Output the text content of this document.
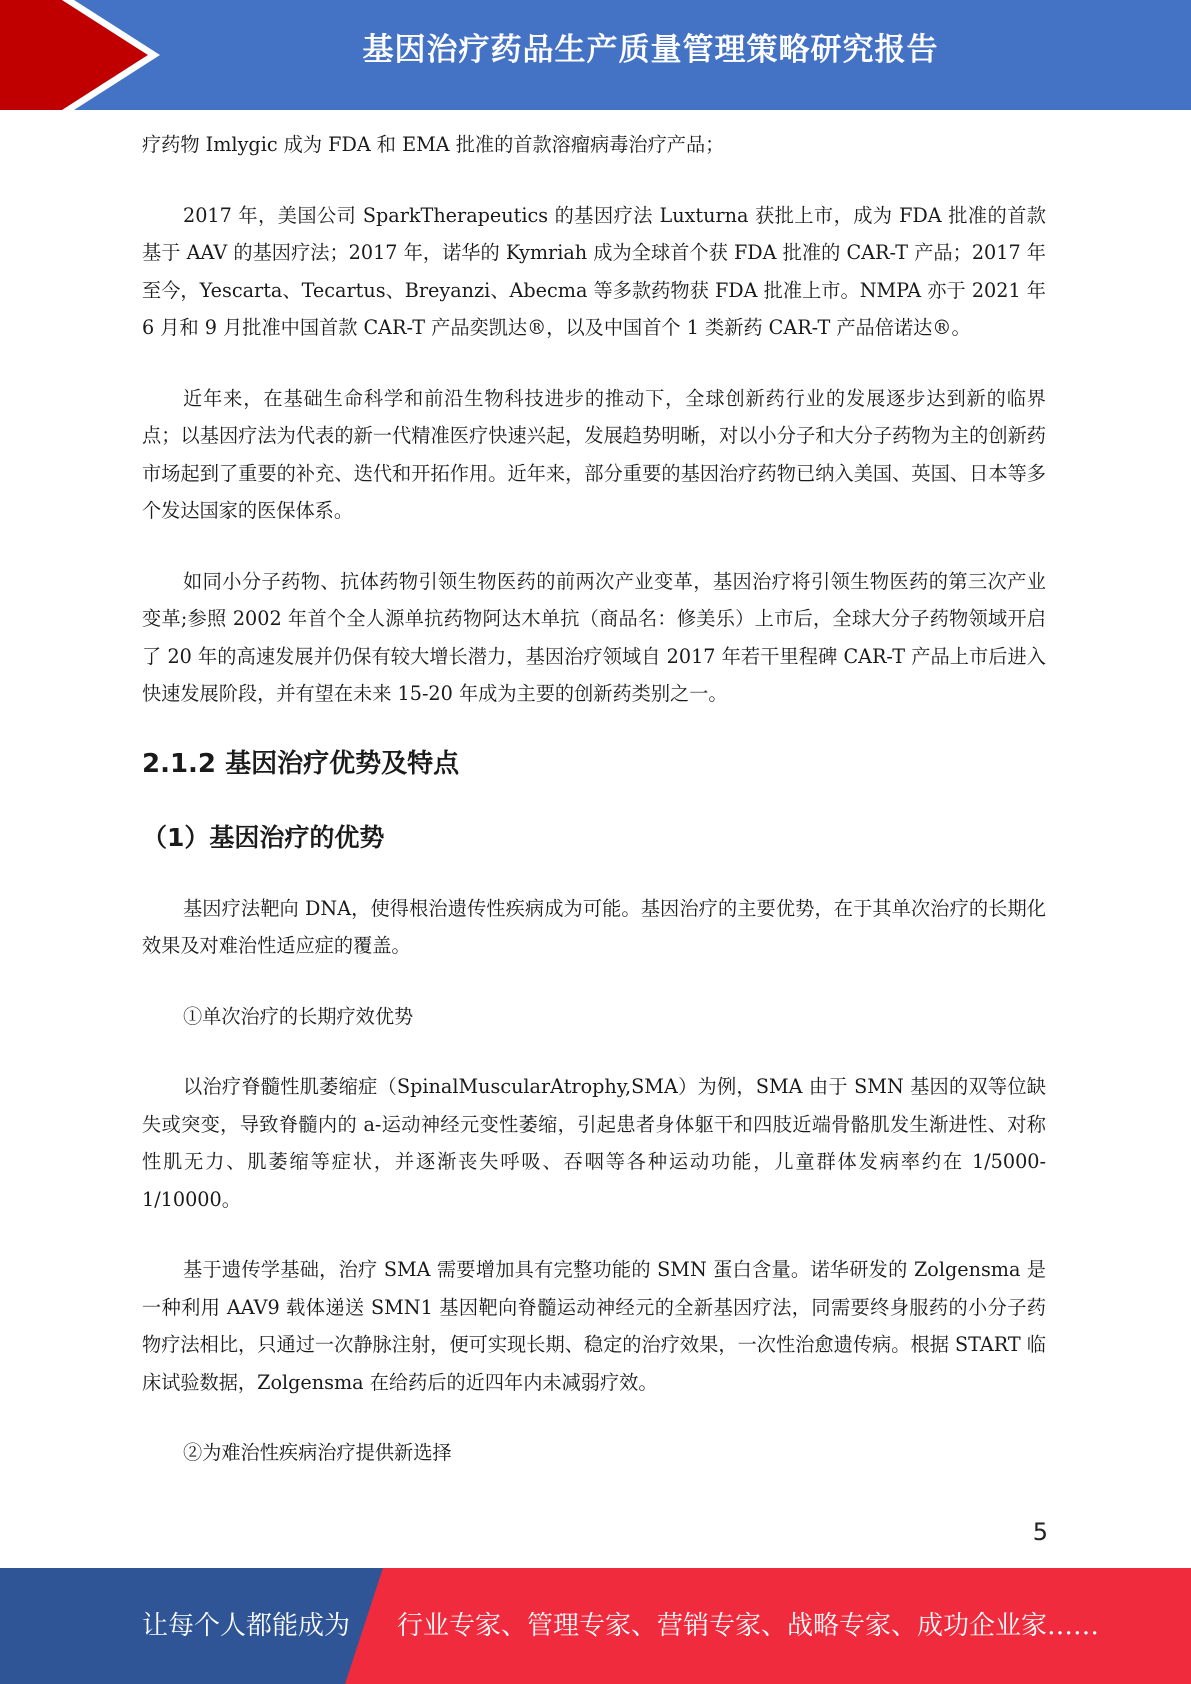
基因治疗药品生产质量管理策略研究报告

疗药物 Imlygic 成为 FDA 和 EMA 批准的首款溶瘤病毒治疗产品；

2017 年，美国公司 SparkTherapeutics 的基因疗法 Luxturna 获批上市，成为 FDA 批准的首款基于 AAV 的基因疗法；2017 年，诺华的 Kymriah 成为全球首个获 FDA 批准的 CAR-T 产品；2017 年至今，Yescarta、Tecartus、Breyanzi、Abecma 等多款药物获 FDA 批准上市。NMPA 亦于 2021 年 6 月和 9 月批准中国首款 CAR-T 产品奕凯达®，以及中国首个 1 类新药 CAR-T 产品倍诺达®。

近年来，在基础生命科学和前沿生物科技进步的推动下，全球创新药行业的发展逐步达到新的临界点；以基因疗法为代表的新一代精准医疗快速兴起，发展趋势明晰，对以小分子和大分子药物为主的创新药市场起到了重要的补充、迭代和开拓作用。近年来，部分重要的基因治疗药物已纳入美国、英国、日本等多个发达国家的医保体系。

如同小分子药物、抗体药物引领生物医药的前两次产业变革，基因治疗将引领生物医药的第三次产业变革;参照 2002 年首个全人源单抗药物阿达木单抗（商品名：修美乐）上市后，全球大分子药物领域开启了 20 年的高速发展并仍保有较大增长潜力，基因治疗领域自 2017 年若干里程碑 CAR-T 产品上市后进入快速发展阶段，并有望在未来 15-20 年成为主要的创新药类别之一。

2.1.2 基因治疗优势及特点
（1）基因治疗的优势

基因疗法靶向 DNA，使得根治遗传性疾病成为可能。基因治疗的主要优势，在于其单次治疗的长期化效果及对难治性适应症的覆盖。

①单次治疗的长期疗效优势

以治疗脊髓性肌萎缩症（SpinalMuscularAtrophy,SMA）为例，SMA 由于 SMN 基因的双等位缺失或突变，导致脊髓内的 a-运动神经元变性萎缩，引起患者身体躯干和四肢近端骨骼肌发生渐进性、对称性肌无力、肌萎缩等症状，并逐渐丧失呼吸、吞咽等各种运动功能，儿童群体发病率约在 1/5000-1/10000。

基于遗传学基础，治疗 SMA 需要增加具有完整功能的 SMN 蛋白含量。诺华研发的 Zolgensma 是一种利用 AAV9 载体递送 SMN1 基因靶向脊髓运动神经元的全新基因疗法，同需要终身服药的小分子药物疗法相比，只通过一次静脉注射，便可实现长期、稳定的治疗效果，一次性治愈遗传病。根据 START 临床试验数据，Zolgensma 在给药后的近四年内未减弱疗效。

②为难治性疾病治疗提供新选择

5
让每个人都能成为 行业专家、管理专家、营销专家、战略专家、成功企业家……
